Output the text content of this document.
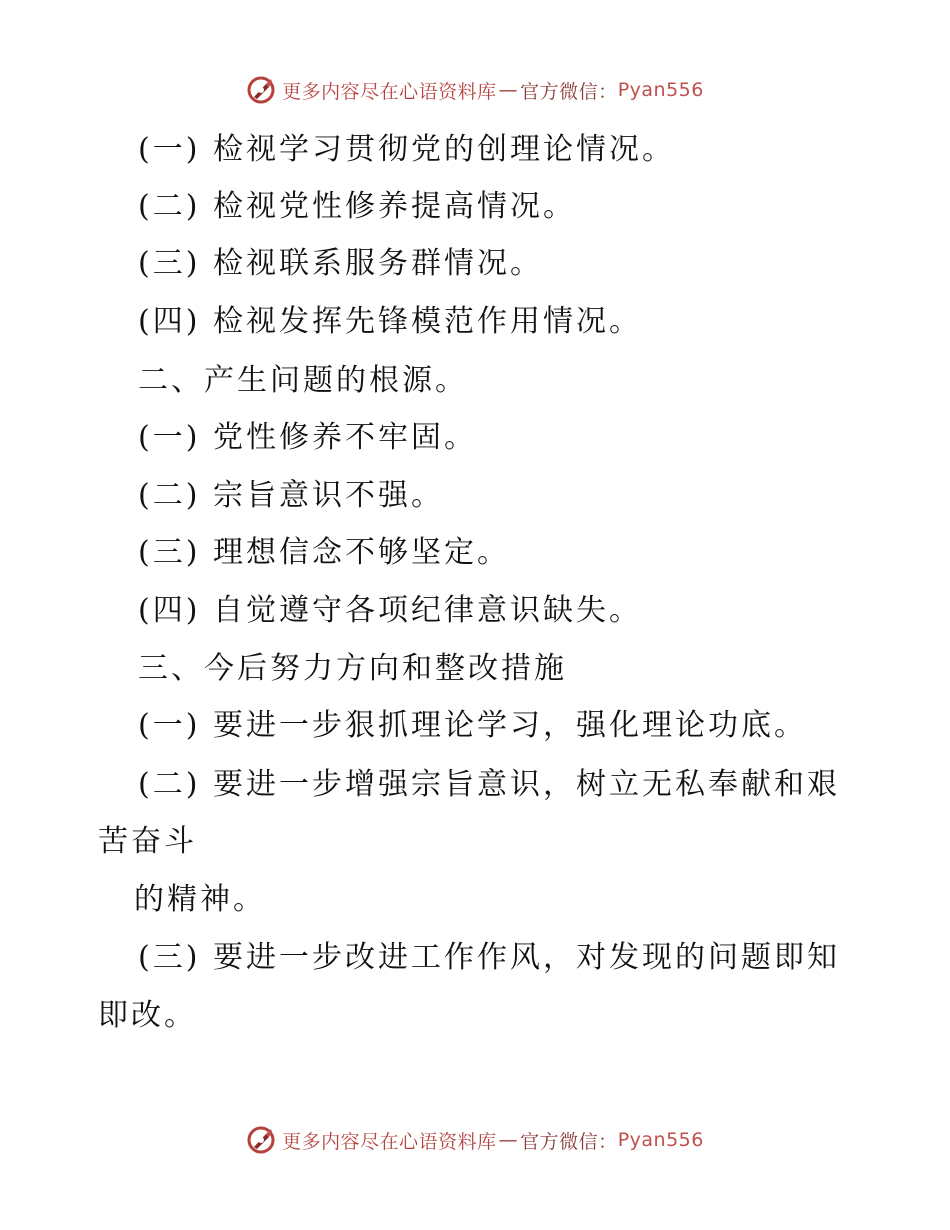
更多内容尽在心语资料库 — 官方微信： Pyan556
(一) 检视学习贯彻党的创理论情况。
(二) 检视党性修养提高情况。
(三) 检视联系服务群情况。
(四) 检视发挥先锋模范作用情况。
二、产生问题的根源。
(一) 党性修养不牢固。
(二) 宗旨意识不强。
(三) 理想信念不够坚定。
(四) 自觉遵守各项纪律意识缺失。
三、今后努力方向和整改措施
(一) 要进一步狠抓理论学习，强化理论功底。
(二) 要进一步增强宗旨意识，树立无私奉献和艰
苦奋斗
的精神。
(三) 要进一步改进工作作风，对发现的问题即知
即改。
更多内容尽在心语资料库 — 官方微信： Pyan556
